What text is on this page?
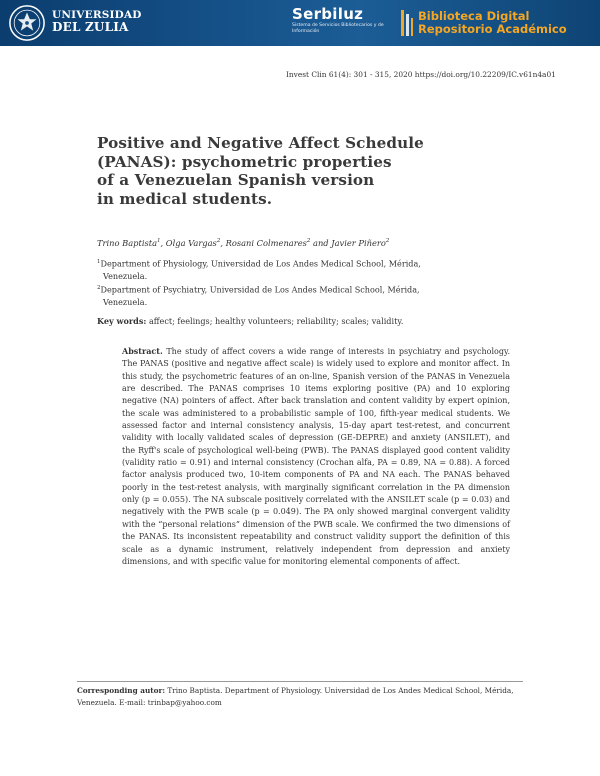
UNIVERSIDAD
DEL ZULIA
Serbiluz
Sistema de Servicios Bibliotecarios y de Información
Biblioteca Digital
Repositorio Académico
Invest Clin 61(4): 301 - 315, 2020 https://doi.org/10.22209/IC.v61n4a01
Positive and Negative Affect Schedule
(PANAS): psychometric properties
of a Venezuelan Spanish version
in medical students.
Trino Baptista$^1$, Olga Vargas$^2$, Rosani Colmenares$^2$ and Javier Piñero$^2$
$^1$Department of Physiology, Universidad de Los Andes Medical School, Mérida,
Venezuela.
$^2$Department of Psychiatry, Universidad de Los Andes Medical School, Mérida,
Venezuela.
Key words: affect; feelings; healthy volunteers; reliability; scales; validity.
Abstract. The study of affect covers a wide range of interests in psychiatry and psychology. The PANAS (positive and negative affect scale) is widely used to explore and monitor affect. In this study, the psychometric features of an on-line, Spanish version of the PANAS in Venezuela are described. The PANAS comprises 10 items exploring positive (PA) and 10 exploring negative (NA) pointers of affect. After back translation and content validity by expert opinion, the scale was administered to a probabilistic sample of 100, fifth-year medical students. We assessed factor and internal consistency analysis, 15-day apart test-retest, and concurrent validity with locally validated scales of depression (GE-DEPRE) and anxiety (ANSILET), and the Ryff's scale of psychological well-being (PWB). The PANAS displayed good content validity (validity ratio = 0.91) and internal consistency (Crochan alfa, PA = 0.89, NA = 0.88). A forced factor analysis produced two, 10-item components of PA and NA each. The PANAS behaved poorly in the test-retest analysis, with marginally significant correlation in the PA dimension only (p = 0.055). The NA subscale positively correlated with the ANSILET scale (p = 0.03) and negatively with the PWB scale (p = 0.049). The PA only showed marginal convergent validity with the “personal relations” dimension of the PWB scale. We confirmed the two dimensions of the PANAS. Its inconsistent repeatability and construct validity support the definition of this scale as a dynamic instrument, relatively independent from depression and anxiety dimensions, and with specific value for monitoring elemental components of affect.
Corresponding autor: Trino Baptista. Department of Physiology. Universidad de Los Andes Medical School, Mérida, Venezuela. E-mail: trinbap@yahoo.com
